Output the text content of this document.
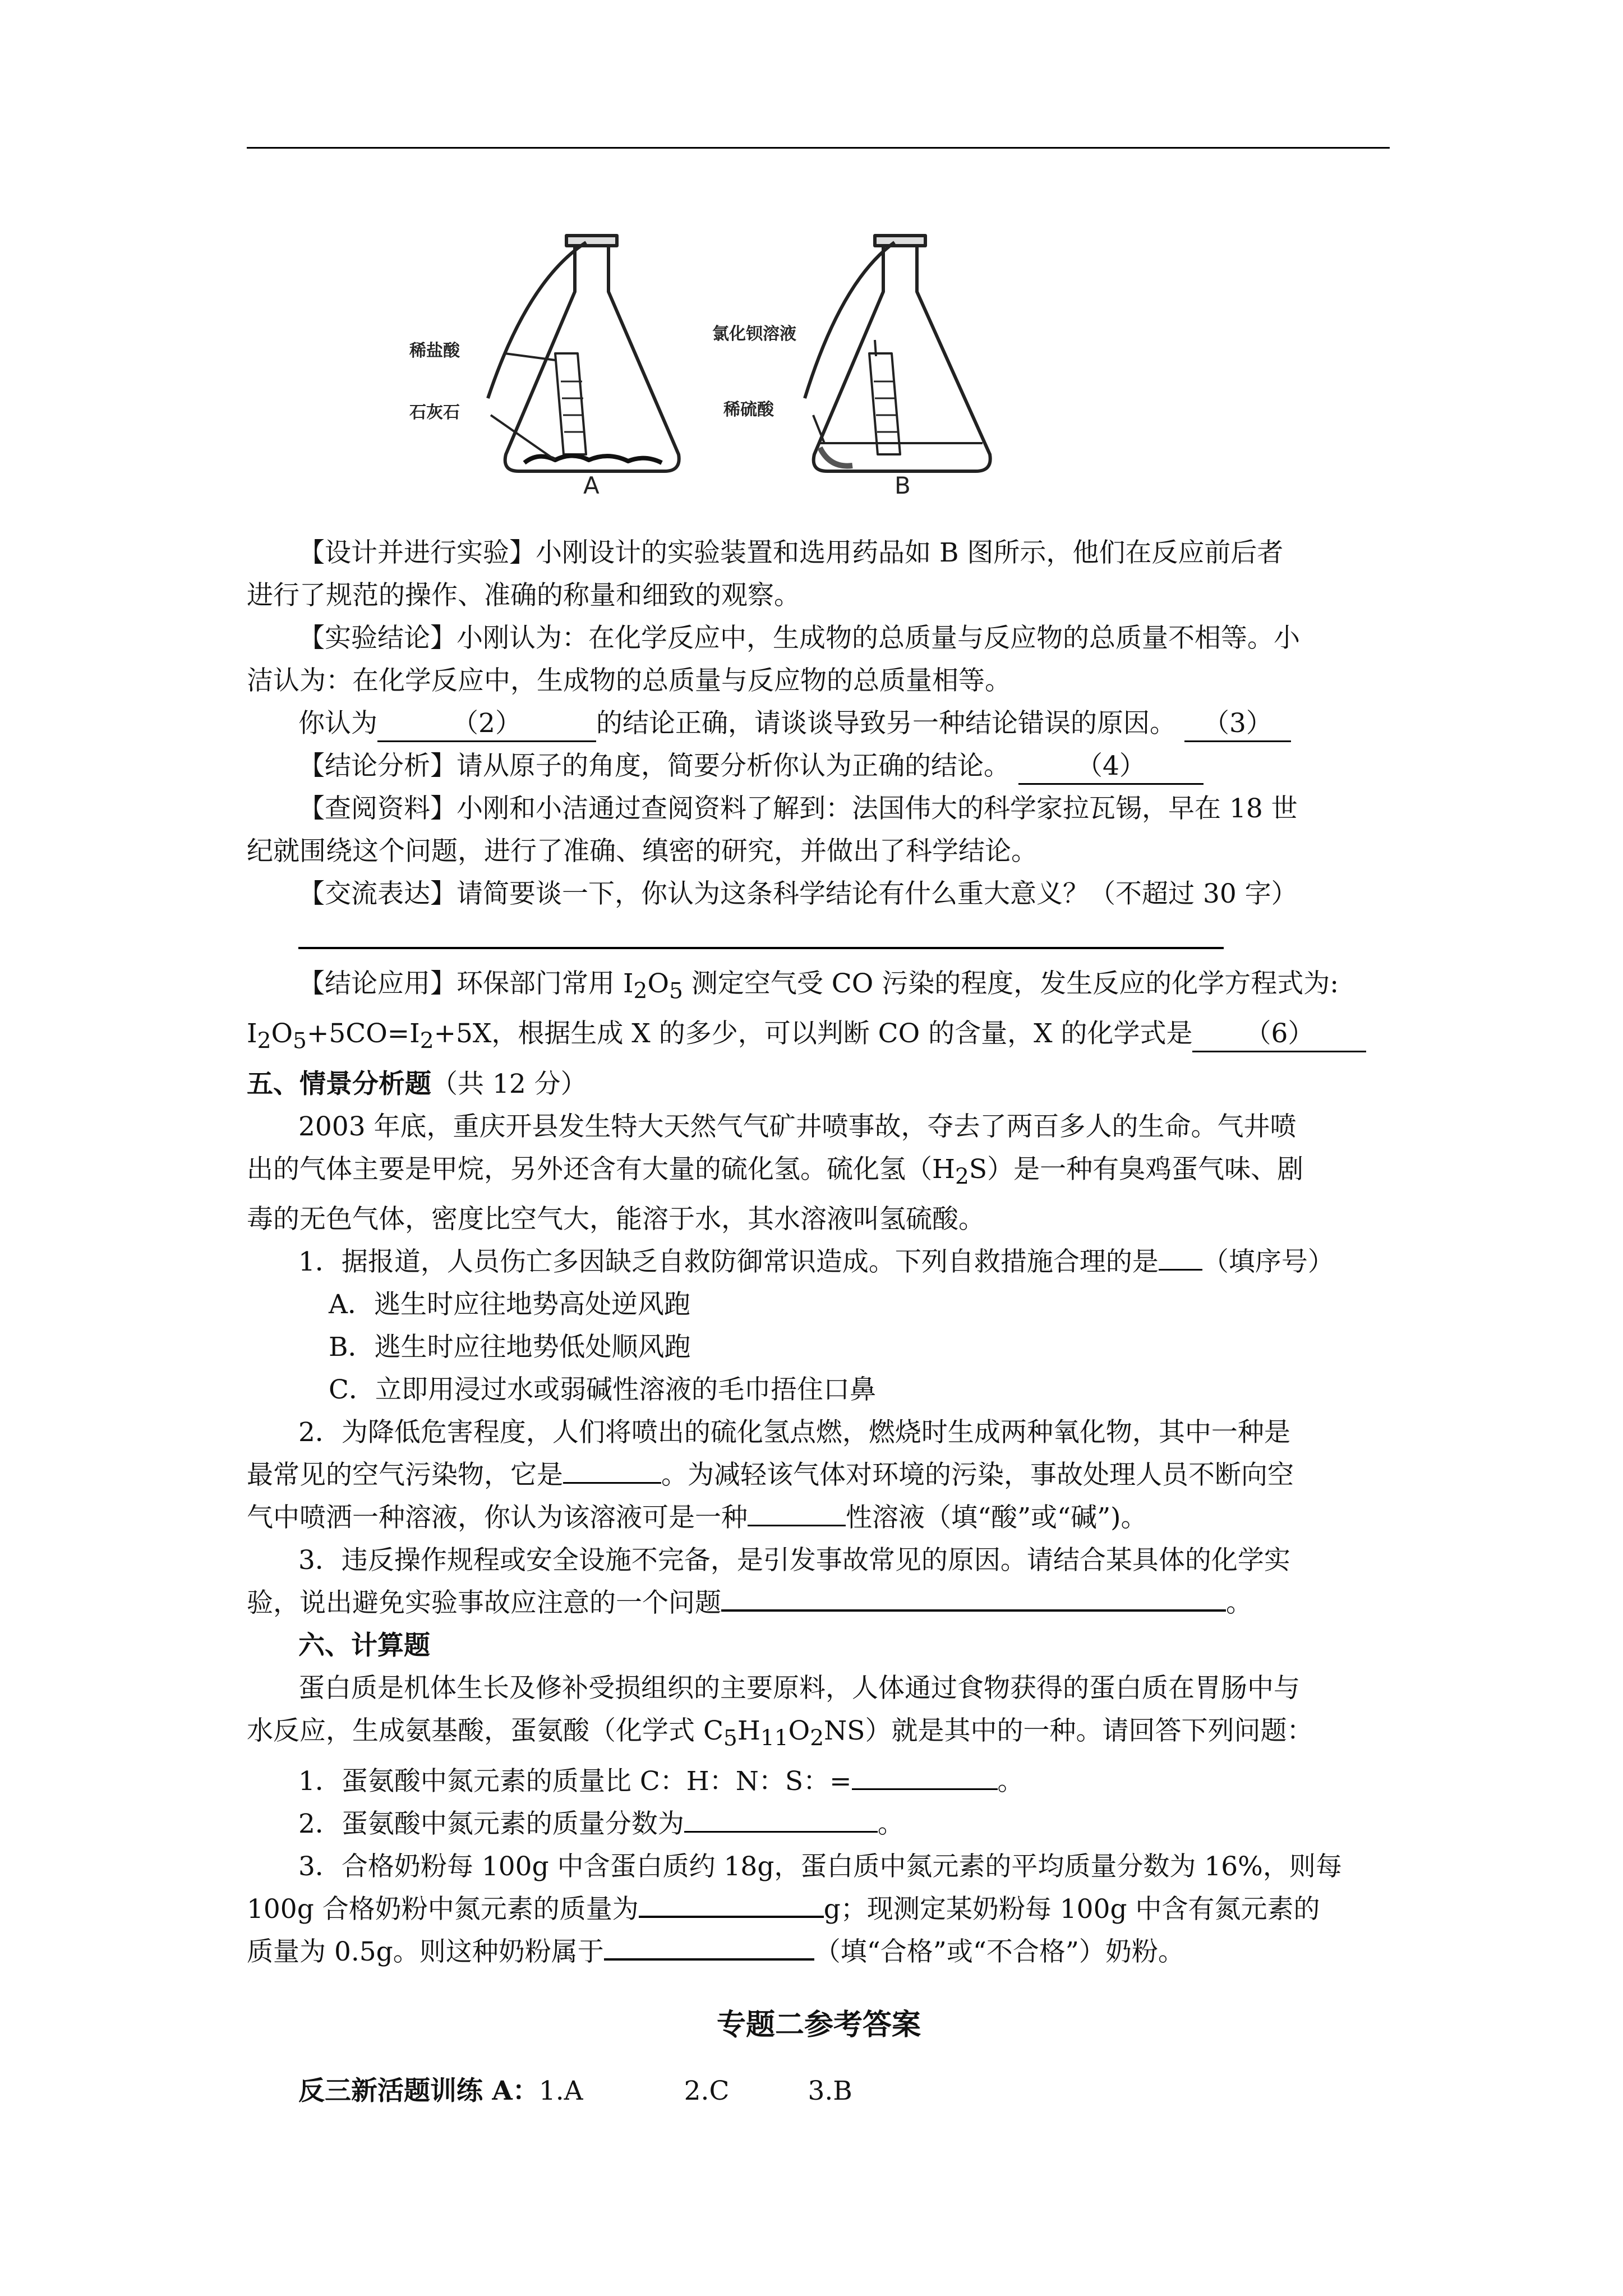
稀盐酸
石灰石
A
氯化钡溶液
稀硫酸
B

【设计并进行实验】小刚设计的实验装置和选用药品如 B 图所示，他们在反应前后者

进行了规范的操作、准确的称量和细致的观察。

【实验结论】小刚认为：在化学反应中，生成物的总质量与反应物的总质量不相等。小

洁认为：在化学反应中，生成物的总质量与反应物的总质量相等。

你认为	（2）	的结论正确，请谈谈导致另一种结论错误的原因。 （3）

【结论分析】请从原子的角度，简要分析你认为正确的结论。	（4）

【查阅资料】小刚和小洁通过查阅资料了解到：法国伟大的科学家拉瓦锡，早在 18 世

纪就围绕这个问题，进行了准确、缜密的研究，并做出了科学结论。

【交流表达】请简要谈一下，你认为这条科学结论有什么重大意义？（不超过 30 字）

【结论应用】环保部门常用 $I_2O_5$ 测定空气受 CO 污染的程度，发生反应的化学方程式为:

$I_2O_5+5CO=I_2+5X$，根据生成 X 的多少，可以判断 CO 的含量，X 的化学式是 （6）

五、情景分析题（共 12 分）

2003 年底，重庆开县发生特大天然气气矿井喷事故，夺去了两百多人的生命。气井喷

出的气体主要是甲烷，另外还含有大量的硫化氢。硫化氢$(H_2S)$是一种有臭鸡蛋气味、剧

毒的无色气体，密度比空气大，能溶于水，其水溶液叫氢硫酸。

1．据报道，人员伤亡多因缺乏自救防御常识造成。下列自救措施合理的是 （填序号）

A．逃生时应往地势高处逆风跑

B．逃生时应往地势低处顺风跑

C．立即用浸过水或弱碱性溶液的毛巾捂住口鼻

2．为降低危害程度，人们将喷出的硫化氢点燃，燃烧时生成两种氧化物，其中一种是

最常见的空气污染物，它是	。为减轻该气体对环境的污染，事故处理人员不断向空

气中喷洒一种溶液，你认为该溶液可是一种	性溶液（填“酸”或“碱”)。

3．违反操作规程或安全设施不完备，是引发事故常见的原因。请结合某具体的化学实

验，说出避免实验事故应注意的一个问题	。

六、计算题

蛋白质是机体生长及修补受损组织的主要原料，人体通过食物获得的蛋白质在胃肠中与

水反应，生成氨基酸，蛋氨酸（化学式 $C_5H_{11}O_2NS$）就是其中的一种。请回答下列问题：

1．蛋氨酸中氮元素的质量比 C：H：N：S：=	。

2．蛋氨酸中氮元素的质量分数为	。

3．合格奶粉每 100g 中含蛋白质约 18g，蛋白质中氮元素的平均质量分数为 16%，则每

100g 合格奶粉中氮元素的质量为	g；现测定某奶粉每 100g 中含有氮元素的

质量为 0.5g。则这种奶粉属于	（填“合格”或“不合格”）奶粉。

专题二参考答案
反三新活题训练 A：1.A	2.C	3.B
